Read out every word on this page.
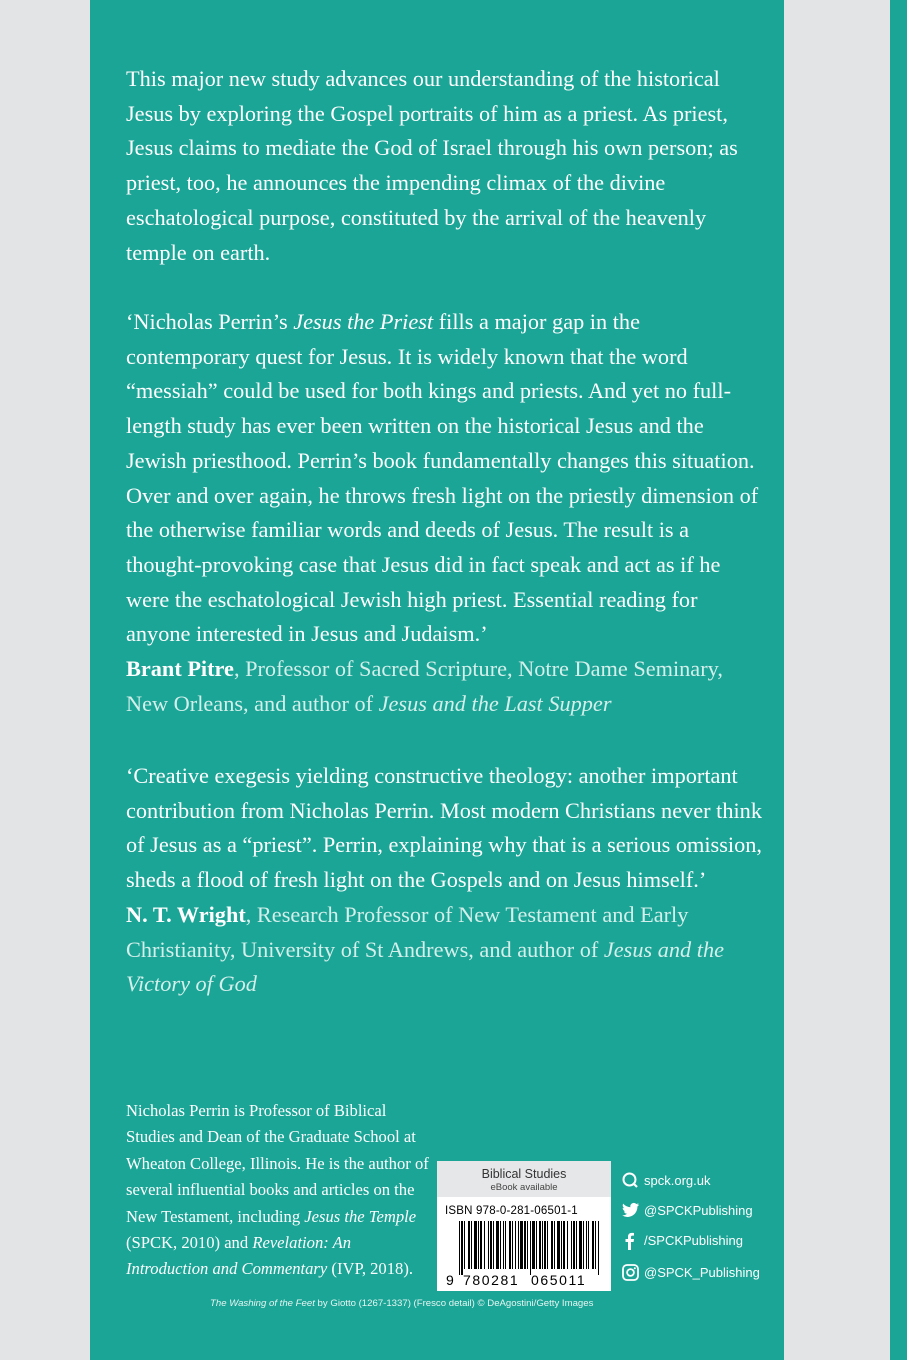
This major new study advances our understanding of the historical Jesus by exploring the Gospel portraits of him as a priest. As priest, Jesus claims to mediate the God of Israel through his own person; as priest, too, he announces the impending climax of the divine eschatological purpose, constituted by the arrival of the heavenly temple on earth.

‘Nicholas Perrin’s Jesus the Priest fills a major gap in the contemporary quest for Jesus. It is widely known that the word “messiah” could be used for both kings and priests. And yet no full-length study has ever been written on the historical Jesus and the Jewish priesthood. Perrin’s book fundamentally changes this situation. Over and over again, he throws fresh light on the priestly dimension of the otherwise familiar words and deeds of Jesus. The result is a thought-provoking case that Jesus did in fact speak and act as if he were the eschatological Jewish high priest. Essential reading for anyone interested in Jesus and Judaism.’
Brant Pitre, Professor of Sacred Scripture, Notre Dame Seminary, New Orleans, and author of Jesus and the Last Supper

‘Creative exegesis yielding constructive theology: another important contribution from Nicholas Perrin. Most modern Christians never think of Jesus as a “priest”. Perrin, explaining why that is a serious omission, sheds a flood of fresh light on the Gospels and on Jesus himself.’
N. T. Wright, Research Professor of New Testament and Early Christianity, University of St Andrews, and author of Jesus and the Victory of God

Nicholas Perrin is Professor of Biblical Studies and Dean of the Graduate School at Wheaton College, Illinois. He is the author of several influential books and articles on the New Testament, including Jesus the Temple (SPCK, 2010) and Revelation: An Introduction and Commentary (IVP, 2018).

Biblical Studies
eBook available
ISBN 978-0-281-06501-1
9 780281 065011
spck.org.uk
@SPCKPublishing
/SPCKPublishing
@SPCK_Publishing
The Washing of the Feet by Giotto (1267-1337) (Fresco detail) © DeAgostini/Getty Images
